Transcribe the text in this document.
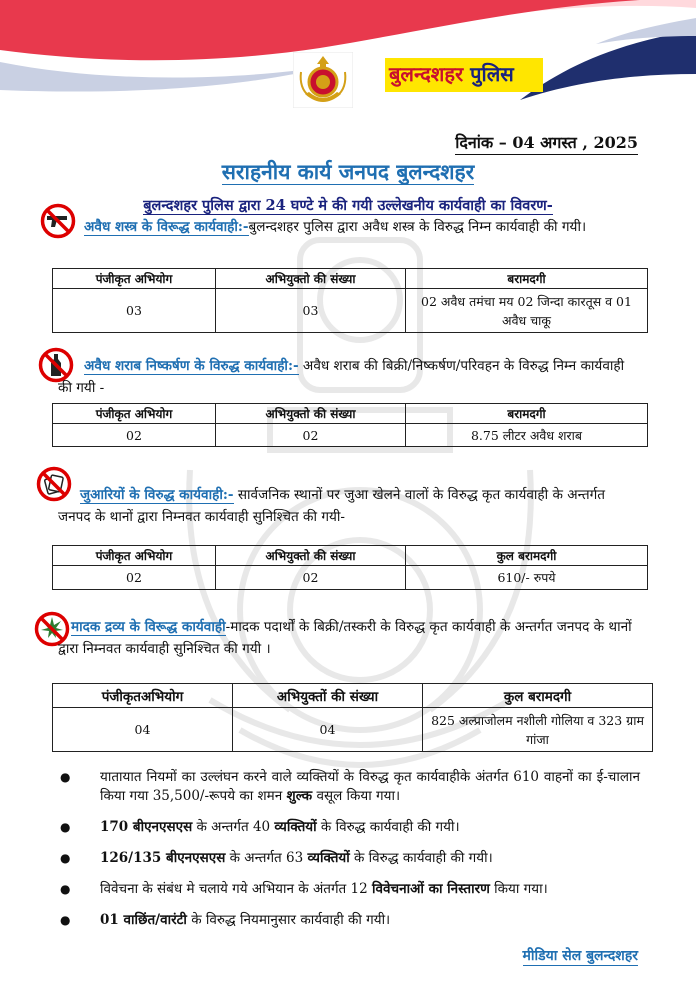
बुलन्दशहर पुलिस
दिनांक – 04 अगस्त , 2025
सराहनीय कार्य जनपद बुलन्दशहर
बुलन्दशहर पुलिस द्वारा 24 घण्टे मे की गयी उल्लेखनीय कार्यवाही का विवरण-
अवैध शस्त्र के विरूद्ध कार्यवाही:-बुलन्दशहर पुलिस द्वारा अवैध शस्त्र के विरुद्ध निम्न कार्यवाही की गयी।
पंजीकृत अभियोग	अभियुक्तो की संख्या	बरामदगी
03	03	02 अवैध तमंचा मय 02 जिन्दा कारतूस व 01 अवैध चाकू
अवैध शराब निष्कर्षण के विरुद्ध कार्यवाही:- अवैध शराब की बिक्री/निष्कर्षण/परिवहन के विरुद्ध निम्न कार्यवाही की गयी -
पंजीकृत अभियोग	अभियुक्तो की संख्या	बरामदगी
02	02	8.75 लीटर अवैध शराब
जुआरियों के विरुद्ध कार्यवाही:- सार्वजनिक स्थानों पर जुआ खेलने वालों के विरुद्ध कृत कार्यवाही के अन्तर्गत जनपद के थानों द्वारा निम्नवत कार्यवाही सुनिश्चित की गयी-
पंजीकृत अभियोग	अभियुक्तो की संख्या	कुल बरामदगी
02	02	610/- रुपये
मादक द्रव्य के विरूद्ध कार्यवाही-मादक पदार्थों के बिक्री/तस्करी के विरुद्ध कृत कार्यवाही के अन्तर्गत जनपद के थानों द्वारा निम्नवत कार्यवाही सुनिश्चित की गयी ।
पंजीकृतअभियोग	अभियुक्तों की संख्या	कुल बरामदगी
04	04	825 अल्प्राजोलम नशीली गोलिया व 323 ग्राम गांजा
● यातायात नियमों का उल्लंघन करने वाले व्यक्तियों के विरुद्ध कृत कार्यवाहीके अंतर्गत 610 वाहनों का ई-चालान किया गया 35,500/-रूपये का शमन शुल्क वसूल किया गया।
● 170 बीएनएसएस के अन्तर्गत 40 व्यक्तियों के विरुद्ध कार्यवाही की गयी।
● 126/135 बीएनएसएस के अन्तर्गत 63 व्यक्तियों के विरुद्ध कार्यवाही की गयी।
● विवेचना के संबंध मे चलाये गये अभियान के अंतर्गत 12 विवेचनाओं का निस्तारण किया गया।
● 01 वाछिंत/वारंटी के विरुद्ध नियमानुसार कार्यवाही की गयी।
मीडिया सेल बुलन्दशहर
